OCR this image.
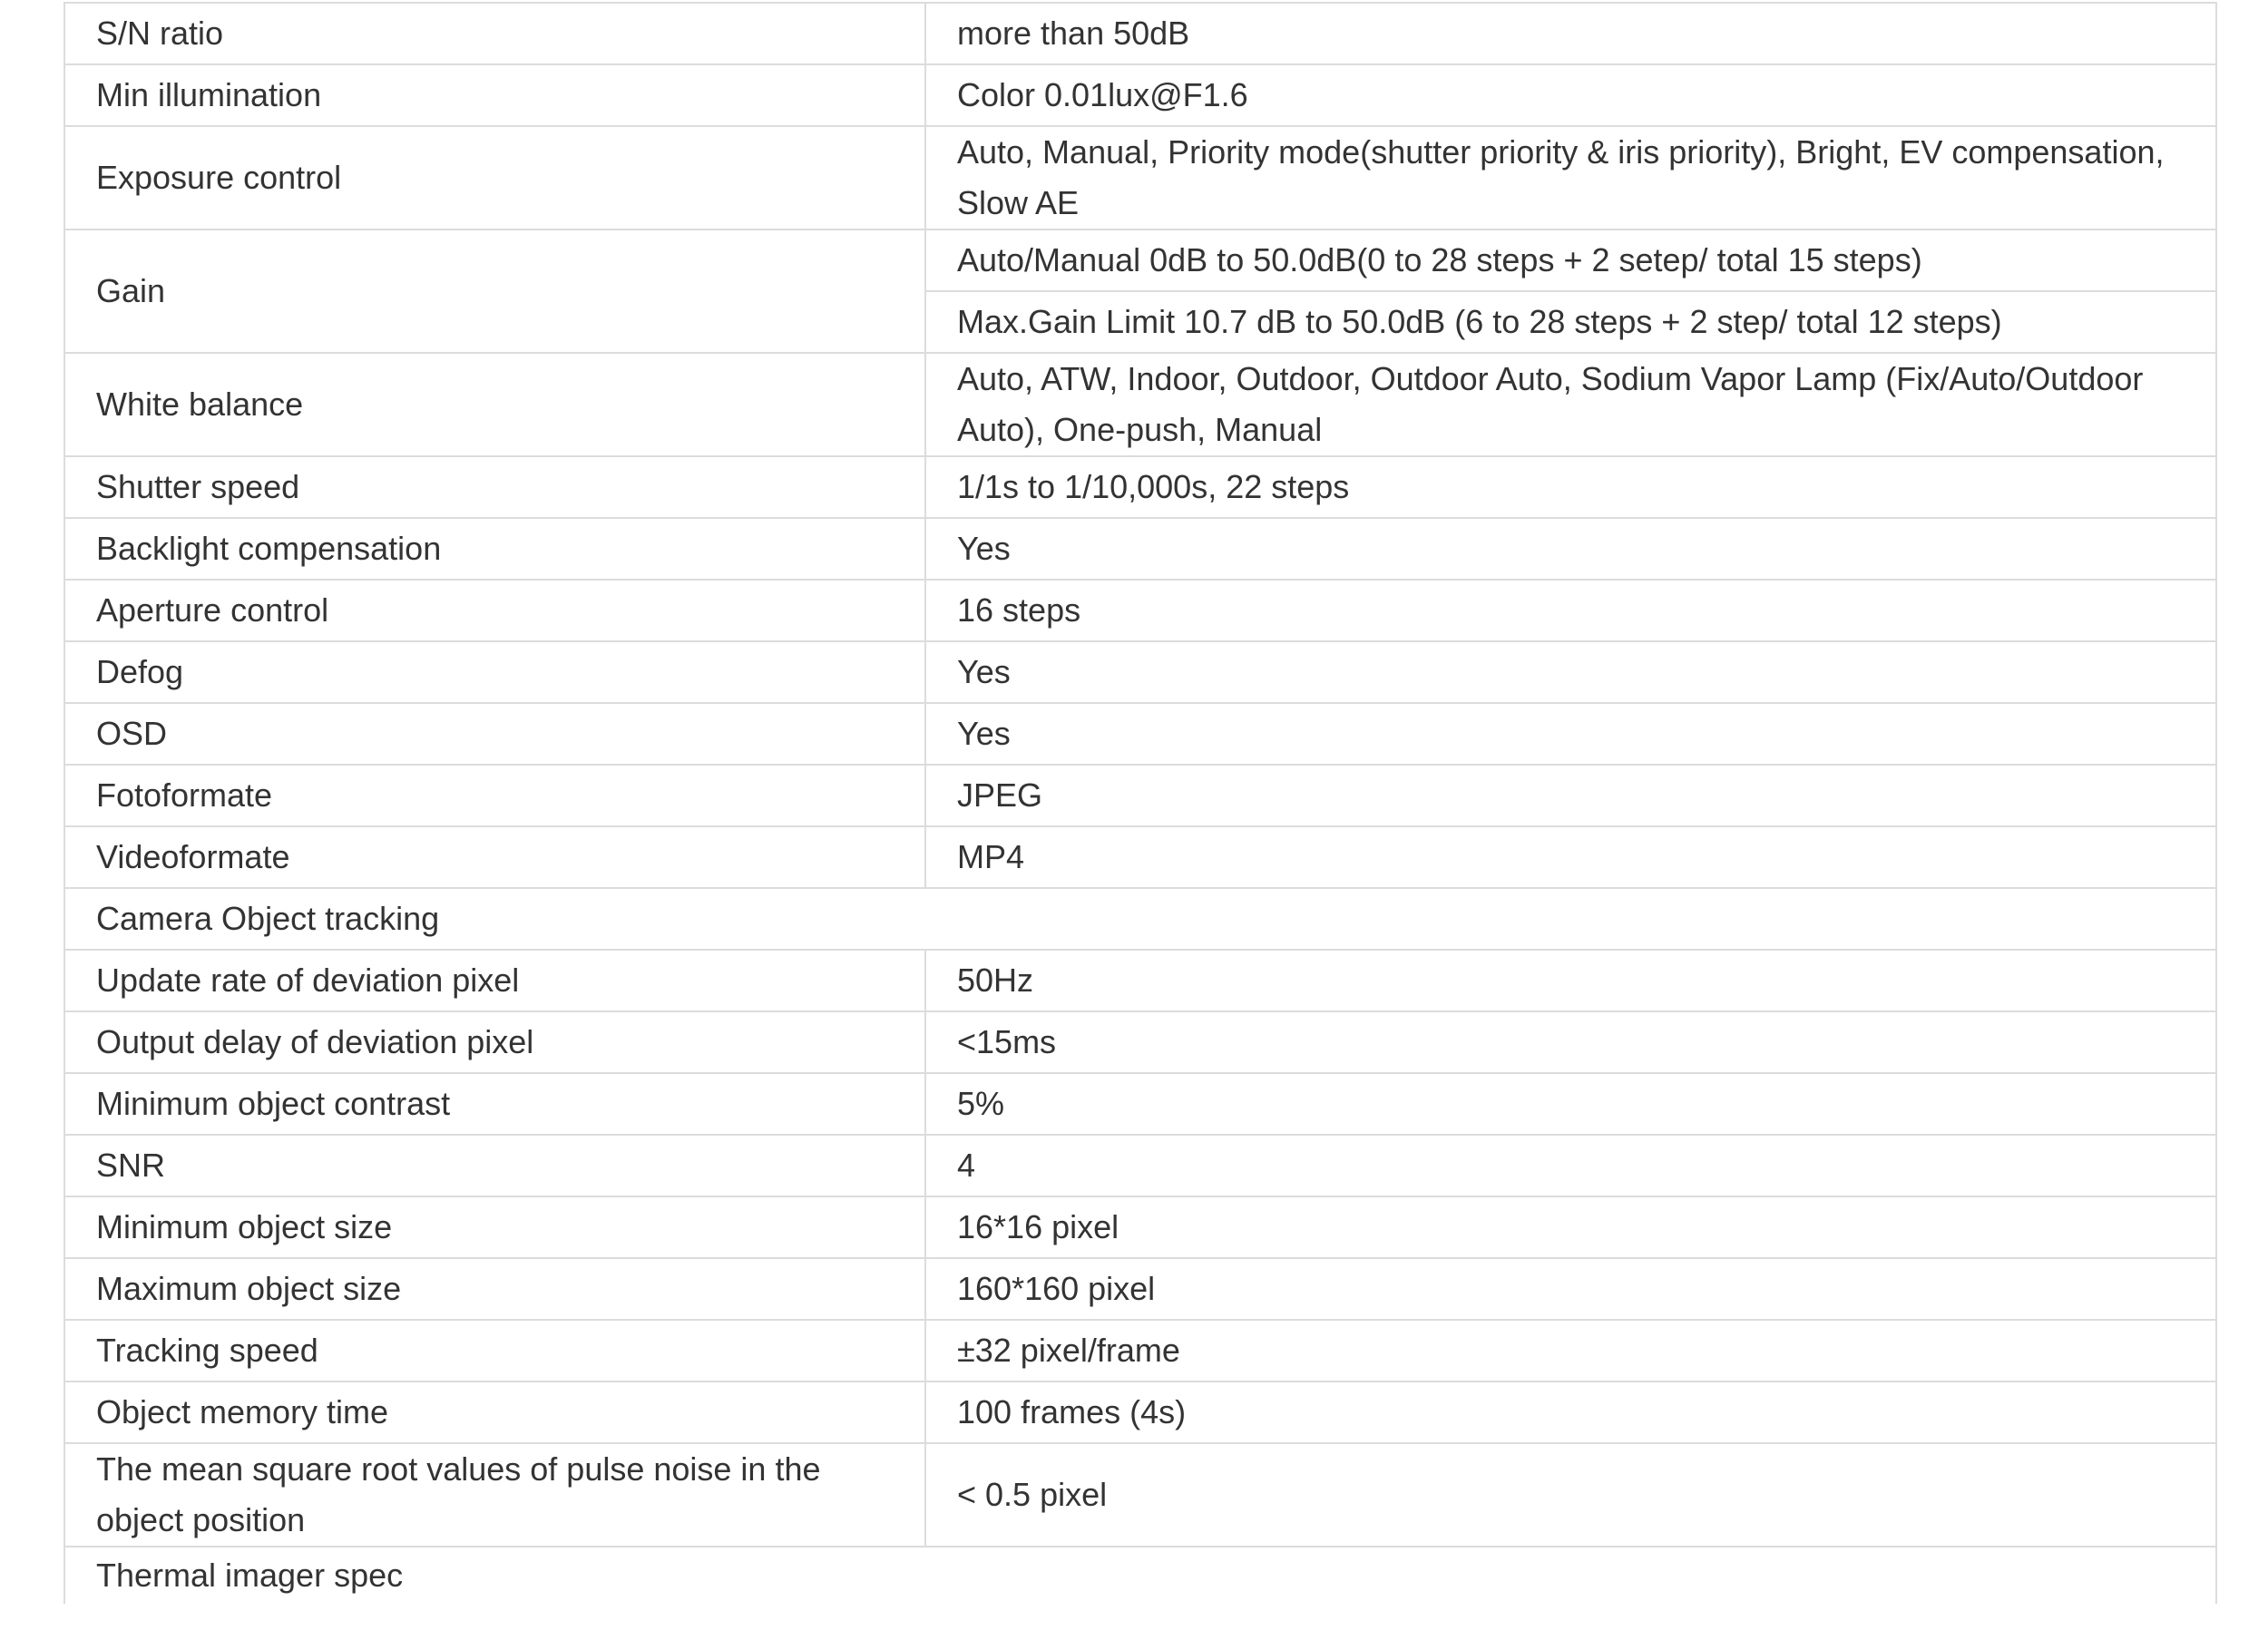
S/N ratio	more than 50dB
Min illumination	Color 0.01lux@F1.6
Exposure control	Auto, Manual, Priority mode(shutter priority & iris priority), Bright, EV compensation, Slow AE
Gain	Auto/Manual 0dB to 50.0dB(0 to 28 steps + 2 setep/ total 15 steps)
	Max.Gain Limit 10.7 dB to 50.0dB (6 to 28 steps + 2 step/ total 12 steps)
White balance	Auto, ATW, Indoor, Outdoor, Outdoor Auto, Sodium Vapor Lamp (Fix/Auto/Outdoor Auto), One-push, Manual
Shutter speed	1/1s to 1/10,000s, 22 steps
Backlight compensation	Yes
Aperture control	16 steps
Defog	Yes
OSD	Yes
Fotoformate	JPEG
Videoformate	MP4
Camera Object tracking	
Update rate of deviation pixel	50Hz
Output delay of deviation pixel	<15ms
Minimum object contrast	5%
SNR	4
Minimum object size	16*16 pixel
Maximum object size	160*160 pixel
Tracking speed	±32 pixel/frame
Object memory time	100 frames (4s)
The mean square root values of pulse noise in the object position	< 0.5 pixel
Thermal imager spec	
